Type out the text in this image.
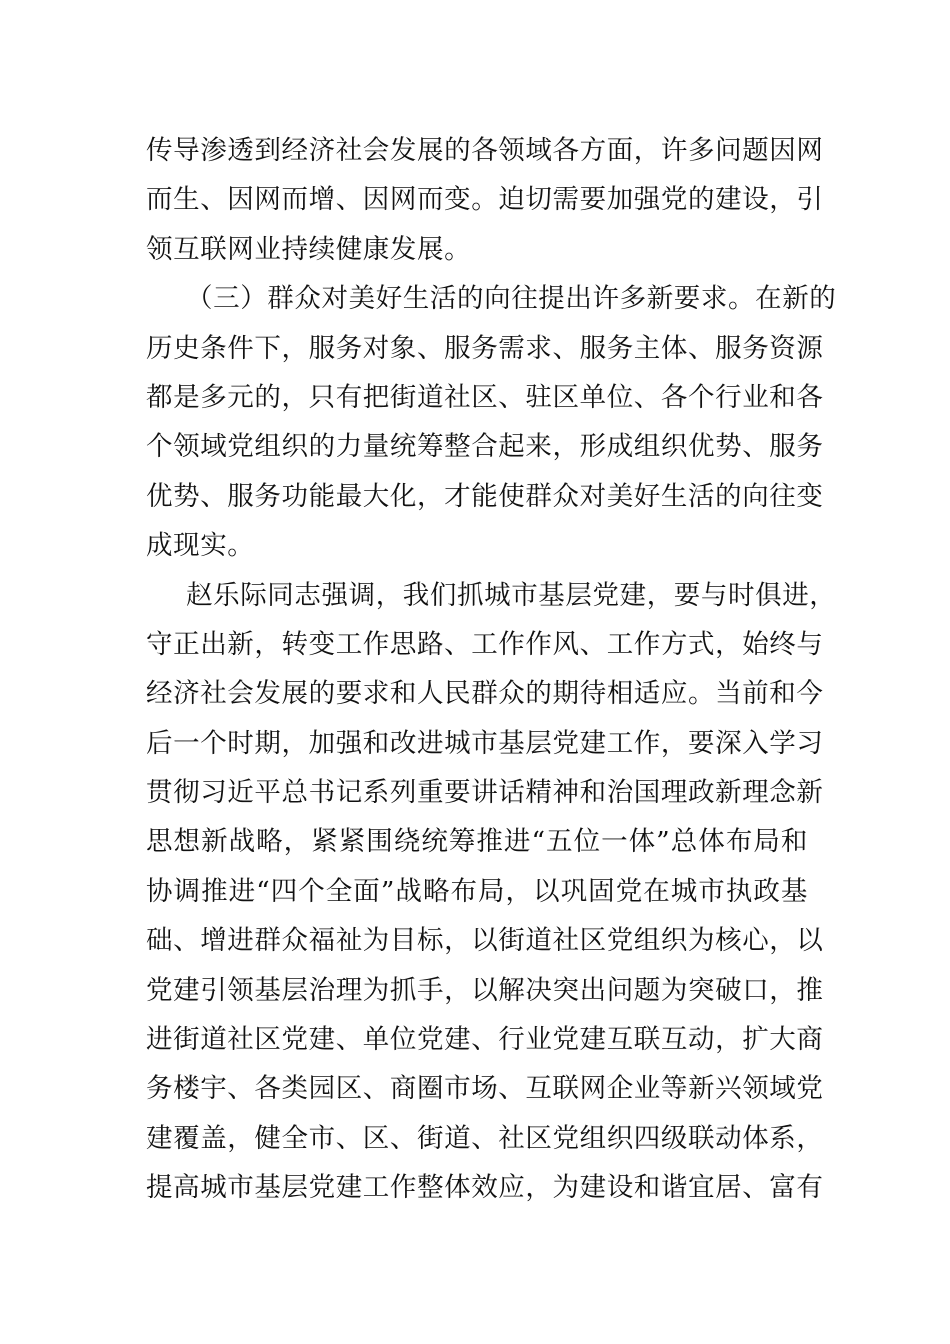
传导渗透到经济社会发展的各领域各方面，许多问题因网
而生、因网而增、因网而变。迫切需要加强党的建设，引
领互联网业持续健康发展。
（三）群众对美好生活的向往提出许多新要求。在新的
历史条件下，服务对象、服务需求、服务主体、服务资源
都是多元的，只有把街道社区、驻区单位、各个行业和各
个领域党组织的力量统筹整合起来，形成组织优势、服务
优势、服务功能最大化，才能使群众对美好生活的向往变
成现实。
赵乐际同志强调，我们抓城市基层党建，要与时俱进，
守正出新，转变工作思路、工作作风、工作方式，始终与
经济社会发展的要求和人民群众的期待相适应。当前和今
后一个时期，加强和改进城市基层党建工作，要深入学习
贯彻习近平总书记系列重要讲话精神和治国理政新理念新
思想新战略，紧紧围绕统筹推进“五位一体”总体布局和
协调推进“四个全面”战略布局，以巩固党在城市执政基
础、增进群众福祉为目标，以街道社区党组织为核心，以
党建引领基层治理为抓手，以解决突出问题为突破口，推
进街道社区党建、单位党建、行业党建互联互动，扩大商
务楼宇、各类园区、商圈市场、互联网企业等新兴领域党
建覆盖，健全市、区、街道、社区党组织四级联动体系，
提高城市基层党建工作整体效应，为建设和谐宜居、富有
